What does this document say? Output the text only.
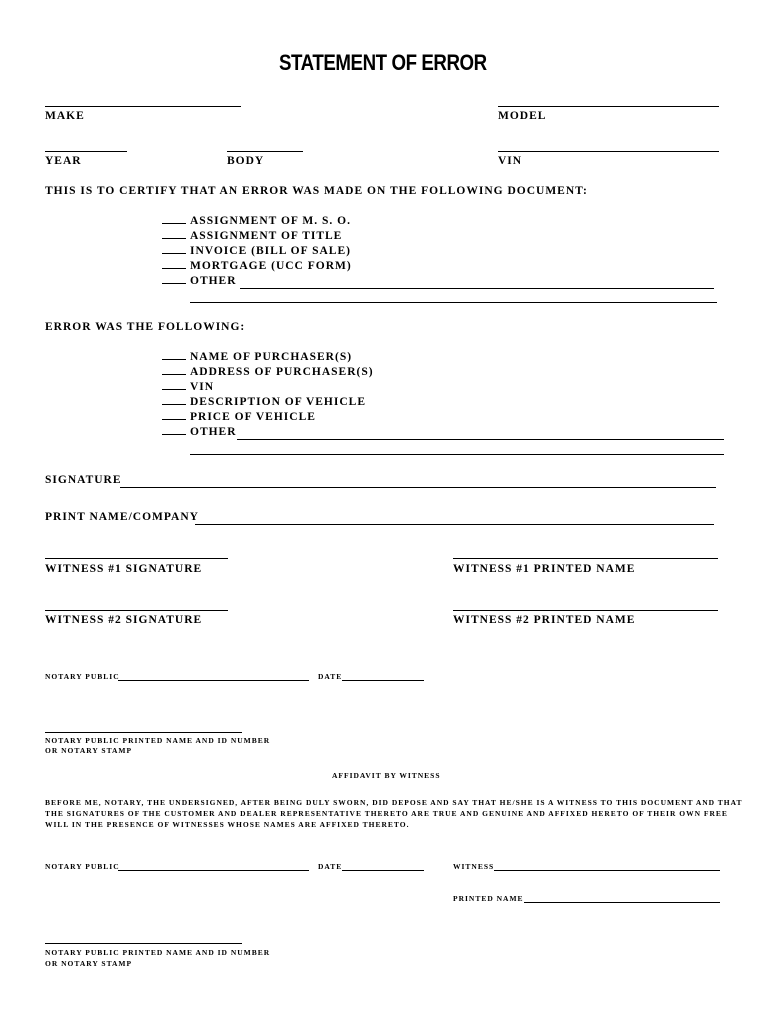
STATEMENT OF ERROR
MAKE	MODEL
YEAR	BODY	VIN
THIS IS TO CERTIFY THAT AN ERROR WAS MADE ON THE FOLLOWING DOCUMENT:
ASSIGNMENT OF M. S. O.
ASSIGNMENT OF TITLE
INVOICE (BILL OF SALE)
MORTGAGE (UCC FORM)
OTHER
ERROR WAS THE FOLLOWING:
NAME OF PURCHASER(S)
ADDRESS OF PURCHASER(S)
VIN
DESCRIPTION OF VEHICLE
PRICE OF VEHICLE
OTHER
SIGNATURE
PRINT NAME/COMPANY
WITNESS #1 SIGNATURE	WITNESS #1 PRINTED NAME
WITNESS #2 SIGNATURE	WITNESS #2 PRINTED NAME
NOTARY PUBLIC	DATE
NOTARY PUBLIC PRINTED NAME AND ID NUMBER
OR NOTARY STAMP
AFFIDAVIT BY WITNESS
BEFORE ME, NOTARY, THE UNDERSIGNED, AFTER BEING DULY SWORN, DID DEPOSE AND SAY THAT HE/SHE IS A WITNESS TO THIS DOCUMENT AND THAT
THE SIGNATURES OF THE CUSTOMER AND DEALER REPRESENTATIVE THERETO ARE TRUE AND GENUINE AND AFFIXED HERETO OF THEIR OWN FREE
WILL IN THE PRESENCE OF WITNESSES WHOSE NAMES ARE AFFIXED THERETO.
NOTARY PUBLIC	DATE	WITNESS
PRINTED NAME
NOTARY PUBLIC PRINTED NAME AND ID NUMBER
OR NOTARY STAMP
